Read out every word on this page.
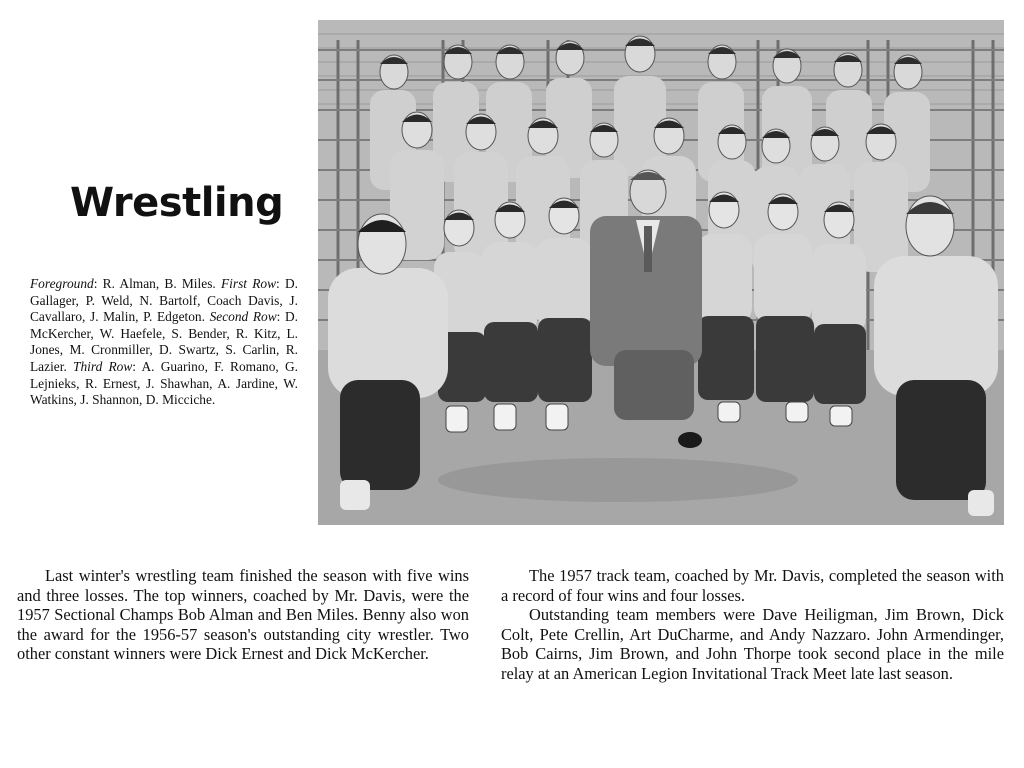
Wrestling

Foreground: R. Alman, B. Miles. First Row: D. Gallager, P. Weld, N. Bartolf, Coach Davis, J. Cavallaro, J. Malin, P. Edgeton. Second Row: D. McKercher, W. Haefele, S. Bender, R. Kitz, L. Jones, M. Cronmiller, D. Swartz, S. Carlin, R. Lazier. Third Row: A. Guarino, F. Romano, G. Lejnieks, R. Ernest, J. Shawhan, A. Jardine, W. Watkins, J. Shannon, D. Micciche.

Last winter's wrestling team finished the season with five wins and three losses. The top winners, coached by Mr. Davis, were the 1957 Sectional Champs Bob Alman and Ben Miles. Benny also won the award for the 1956-57 season's outstanding city wrestler. Two other constant winners were Dick Ernest and Dick McKercher.

The 1957 track team, coached by Mr. Davis, completed the season with a record of four wins and four losses.

Outstanding team members were Dave Heiligman, Jim Brown, Dick Colt, Pete Crellin, Art DuCharme, and Andy Nazzaro. John Armendinger, Bob Cairns, Jim Brown, and John Thorpe took second place in the mile relay at an American Legion Invitational Track Meet late last season.
